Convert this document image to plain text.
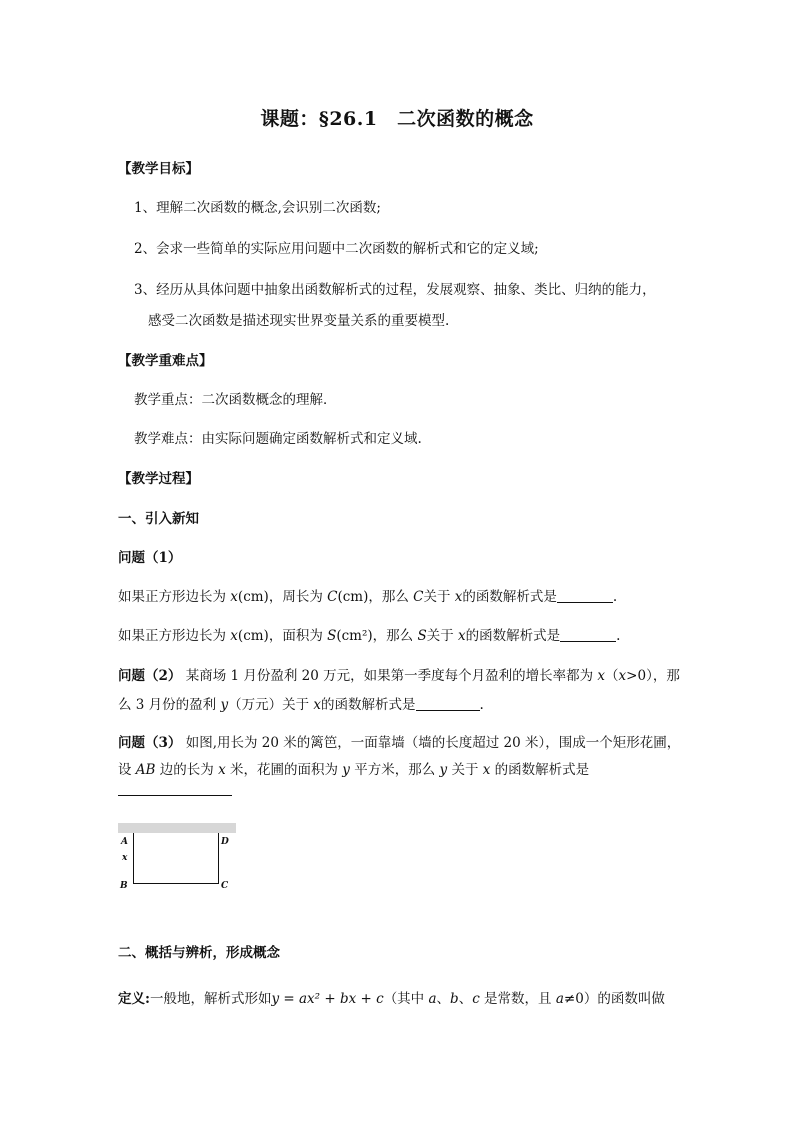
课题：§26.1　二次函数的概念
【教学目标】
1、理解二次函数的概念,会识别二次函数;
2、会求一些简单的实际应用问题中二次函数的解析式和它的定义域;
3、经历从具体问题中抽象出函数解析式的过程，发展观察、抽象、类比、归纳的能力，
感受二次函数是描述现实世界变量关系的重要模型.
【教学重难点】
教学重点：二次函数概念的理解．
教学难点：由实际问题确定函数解析式和定义域.
【教学过程】
一、引入新知
问题（1）
如果正方形边长为 x(cm)，周长为 C(cm)，那么 C关于 x的函数解析式是	.
如果正方形边长为 x(cm)，面积为 S(cm²)，那么 S关于 x的函数解析式是	.
问题（2） 某商场 1 月份盈利 20 万元，如果第一季度每个月盈利的增长率都为 x（x>0），那
么 3 月份的盈利 y（万元）关于 x的函数解析式是	.
问题（3） 如图,用长为 20 米的篱笆，一面靠墙（墙的长度超过 20 米），围成一个矩形花圃，
设 AB 边的长为 x 米，花圃的面积为 y 平方米，那么 y 关于 x 的函数解析式是
A
x
B	C
D
二、概括与辨析，形成概念
定义:一般地，解析式形如y = ax² + bx + c（其中 a、b、c 是常数，且 a≠0）的函数叫做
